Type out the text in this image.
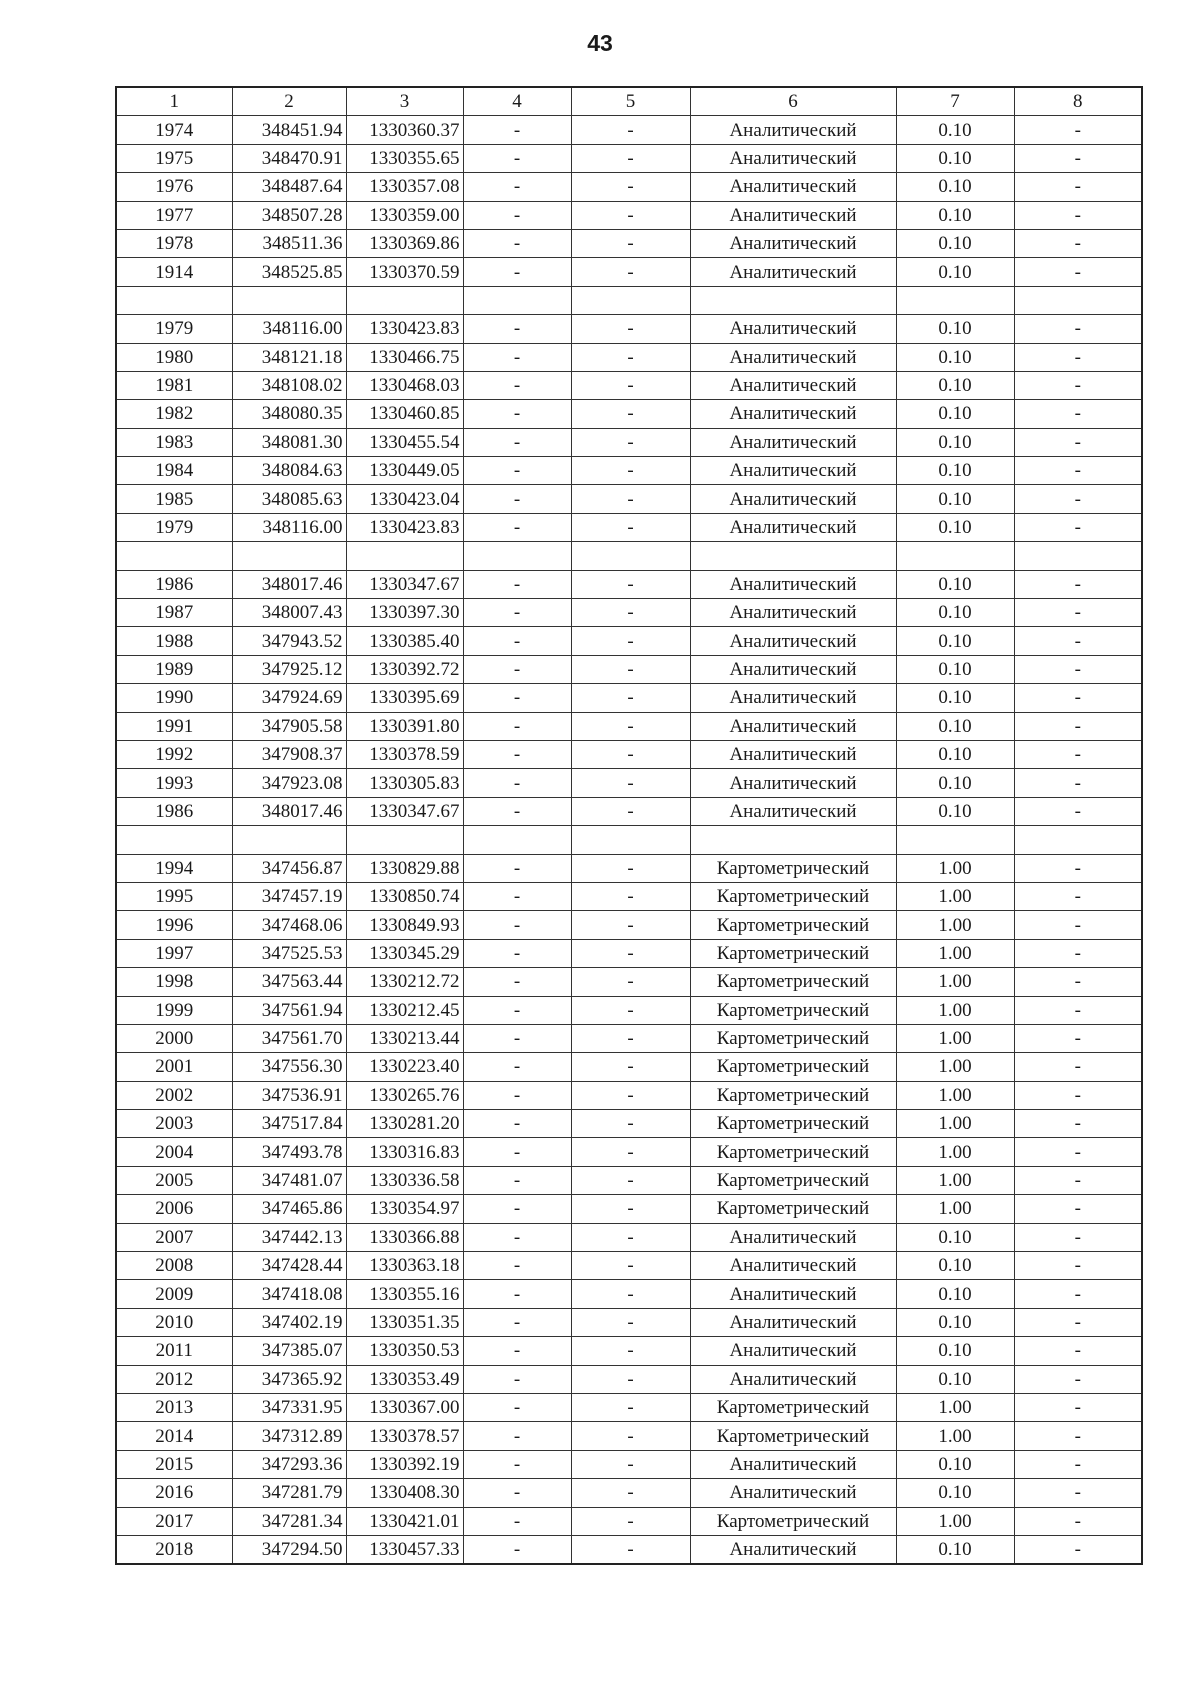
43
1	2	3	4	5	6	7	8
1974	348451.94	1330360.37	-	-	Аналитический	0.10	-
1975	348470.91	1330355.65	-	-	Аналитический	0.10	-
1976	348487.64	1330357.08	-	-	Аналитический	0.10	-
1977	348507.28	1330359.00	-	-	Аналитический	0.10	-
1978	348511.36	1330369.86	-	-	Аналитический	0.10	-
1914	348525.85	1330370.59	-	-	Аналитический	0.10	-

1979	348116.00	1330423.83	-	-	Аналитический	0.10	-
1980	348121.18	1330466.75	-	-	Аналитический	0.10	-
1981	348108.02	1330468.03	-	-	Аналитический	0.10	-
1982	348080.35	1330460.85	-	-	Аналитический	0.10	-
1983	348081.30	1330455.54	-	-	Аналитический	0.10	-
1984	348084.63	1330449.05	-	-	Аналитический	0.10	-
1985	348085.63	1330423.04	-	-	Аналитический	0.10	-
1979	348116.00	1330423.83	-	-	Аналитический	0.10	-

1986	348017.46	1330347.67	-	-	Аналитический	0.10	-
1987	348007.43	1330397.30	-	-	Аналитический	0.10	-
1988	347943.52	1330385.40	-	-	Аналитический	0.10	-
1989	347925.12	1330392.72	-	-	Аналитический	0.10	-
1990	347924.69	1330395.69	-	-	Аналитический	0.10	-
1991	347905.58	1330391.80	-	-	Аналитический	0.10	-
1992	347908.37	1330378.59	-	-	Аналитический	0.10	-
1993	347923.08	1330305.83	-	-	Аналитический	0.10	-
1986	348017.46	1330347.67	-	-	Аналитический	0.10	-

1994	347456.87	1330829.88	-	-	Картометрический	1.00	-
1995	347457.19	1330850.74	-	-	Картометрический	1.00	-
1996	347468.06	1330849.93	-	-	Картометрический	1.00	-
1997	347525.53	1330345.29	-	-	Картометрический	1.00	-
1998	347563.44	1330212.72	-	-	Картометрический	1.00	-
1999	347561.94	1330212.45	-	-	Картометрический	1.00	-
2000	347561.70	1330213.44	-	-	Картометрический	1.00	-
2001	347556.30	1330223.40	-	-	Картометрический	1.00	-
2002	347536.91	1330265.76	-	-	Картометрический	1.00	-
2003	347517.84	1330281.20	-	-	Картометрический	1.00	-
2004	347493.78	1330316.83	-	-	Картометрический	1.00	-
2005	347481.07	1330336.58	-	-	Картометрический	1.00	-
2006	347465.86	1330354.97	-	-	Картометрический	1.00	-
2007	347442.13	1330366.88	-	-	Аналитический	0.10	-
2008	347428.44	1330363.18	-	-	Аналитический	0.10	-
2009	347418.08	1330355.16	-	-	Аналитический	0.10	-
2010	347402.19	1330351.35	-	-	Аналитический	0.10	-
2011	347385.07	1330350.53	-	-	Аналитический	0.10	-
2012	347365.92	1330353.49	-	-	Аналитический	0.10	-
2013	347331.95	1330367.00	-	-	Картометрический	1.00	-
2014	347312.89	1330378.57	-	-	Картометрический	1.00	-
2015	347293.36	1330392.19	-	-	Аналитический	0.10	-
2016	347281.79	1330408.30	-	-	Аналитический	0.10	-
2017	347281.34	1330421.01	-	-	Картометрический	1.00	-
2018	347294.50	1330457.33	-	-	Аналитический	0.10	-
